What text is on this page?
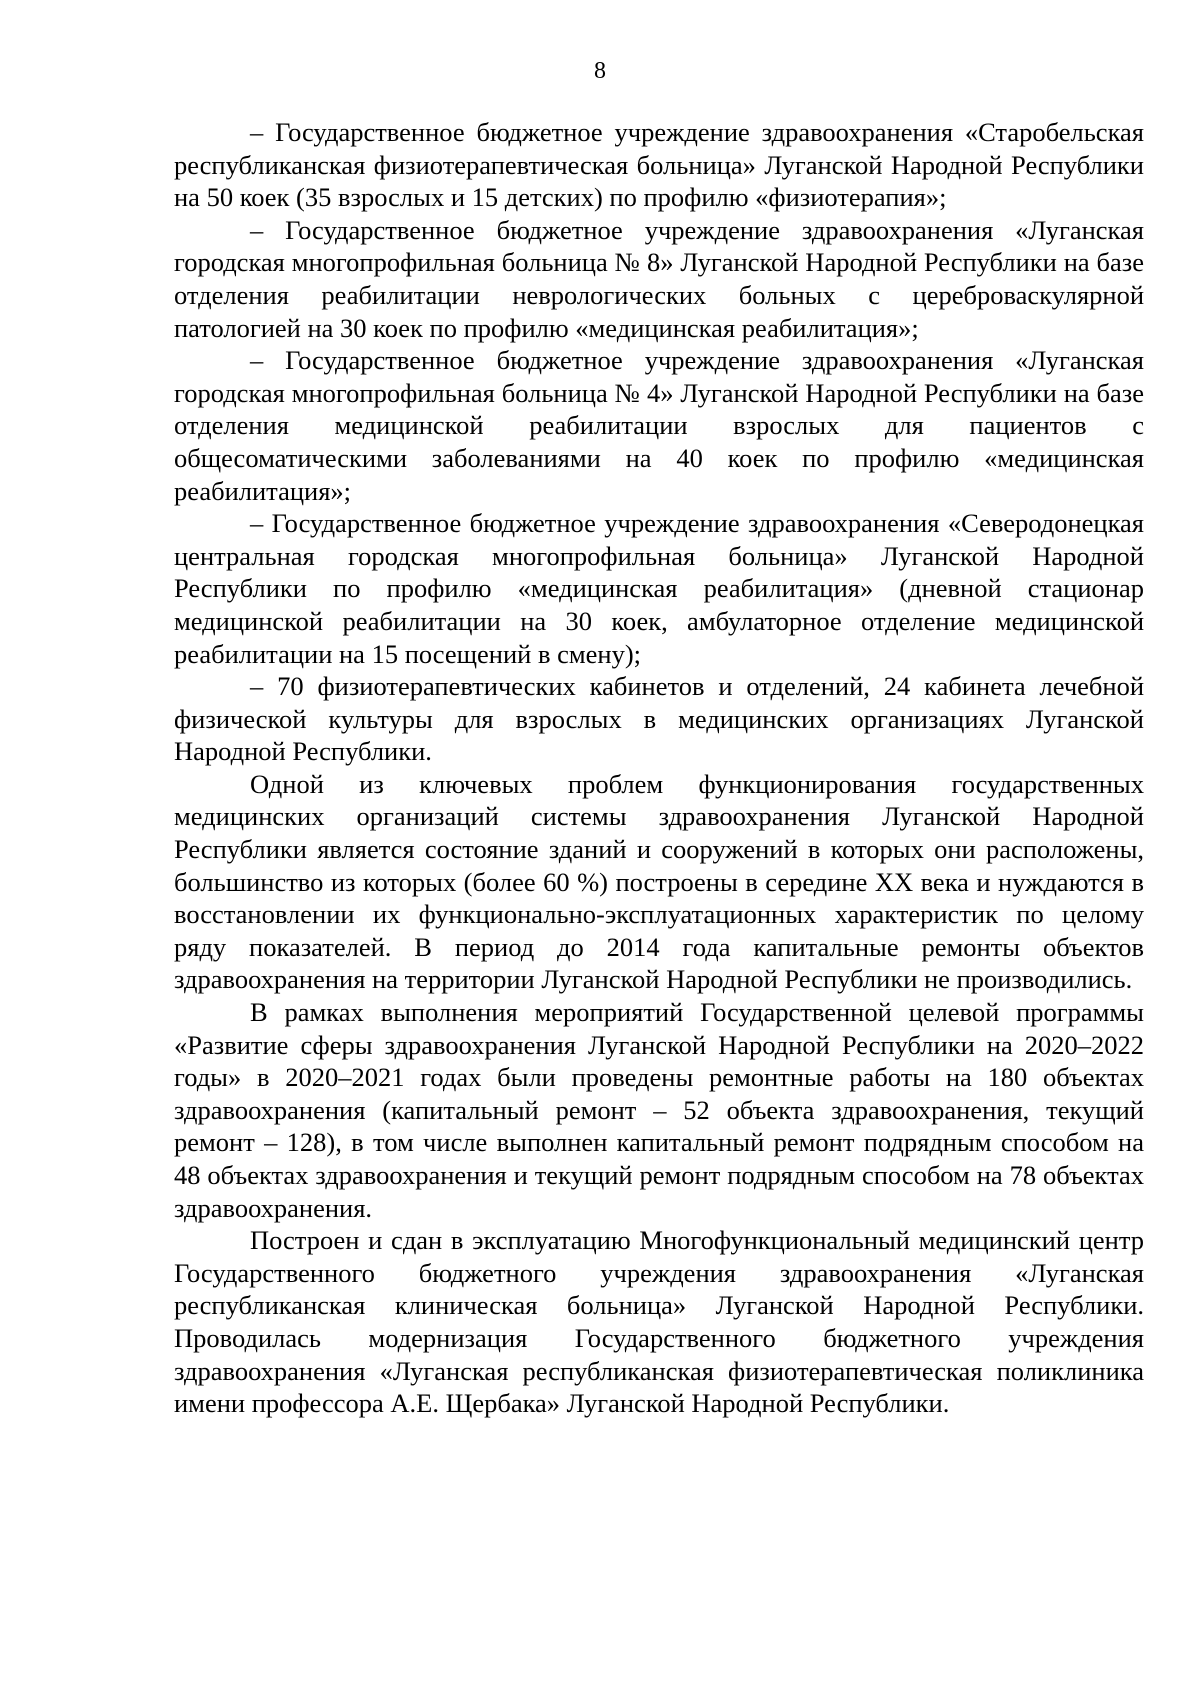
8

– Государственное бюджетное учреждение здравоохранения «Старобельская республиканская физиотерапевтическая больница» Луганской Народной Республики на 50 коек (35 взрослых и 15 детских) по профилю «физиотерапия»;

– Государственное бюджетное учреждение здравоохранения «Луганская городская многопрофильная больница № 8» Луганской Народной Республики на базе отделения реабилитации неврологических больных с цереброваскулярной патологией на 30 коек по профилю «медицинская реабилитация»;

– Государственное бюджетное учреждение здравоохранения «Луганская городская многопрофильная больница № 4» Луганской Народной Республики на базе отделения медицинской реабилитации взрослых для пациентов с общесоматическими заболеваниями на 40 коек по профилю «медицинская реабилитация»;

– Государственное бюджетное учреждение здравоохранения «Северодонецкая центральная городская многопрофильная больница» Луганской Народной Республики по профилю «медицинская реабилитация» (дневной стационар медицинской реабилитации на 30 коек, амбулаторное отделение медицинской реабилитации на 15 посещений в смену);

– 70 физиотерапевтических кабинетов и отделений, 24 кабинета лечебной физической культуры для взрослых в медицинских организациях Луганской Народной Республики.

Одной из ключевых проблем функционирования государственных медицинских организаций системы здравоохранения Луганской Народной Республики является состояние зданий и сооружений в которых они расположены, большинство из которых (более 60 %) построены в середине XX века и нуждаются в восстановлении их функционально-эксплуатационных характеристик по целому ряду показателей. В период до 2014 года капитальные ремонты объектов здравоохранения на территории Луганской Народной Республики не производились.

В рамках выполнения мероприятий Государственной целевой программы «Развитие сферы здравоохранения Луганской Народной Республики на 2020–2022 годы» в 2020–2021 годах были проведены ремонтные работы на 180 объектах здравоохранения (капитальный ремонт – 52 объекта здравоохранения, текущий ремонт – 128), в том числе выполнен капитальный ремонт подрядным способом на 48 объектах здравоохранения и текущий ремонт подрядным способом на 78 объектах здравоохранения.

Построен и сдан в эксплуатацию Многофункциональный медицинский центр Государственного бюджетного учреждения здравоохранения «Луганская республиканская клиническая больница» Луганской Народной Республики. Проводилась модернизация Государственного бюджетного учреждения здравоохранения «Луганская республиканская физиотерапевтическая поликлиника имени профессора А.Е. Щербака» Луганской Народной Республики.
